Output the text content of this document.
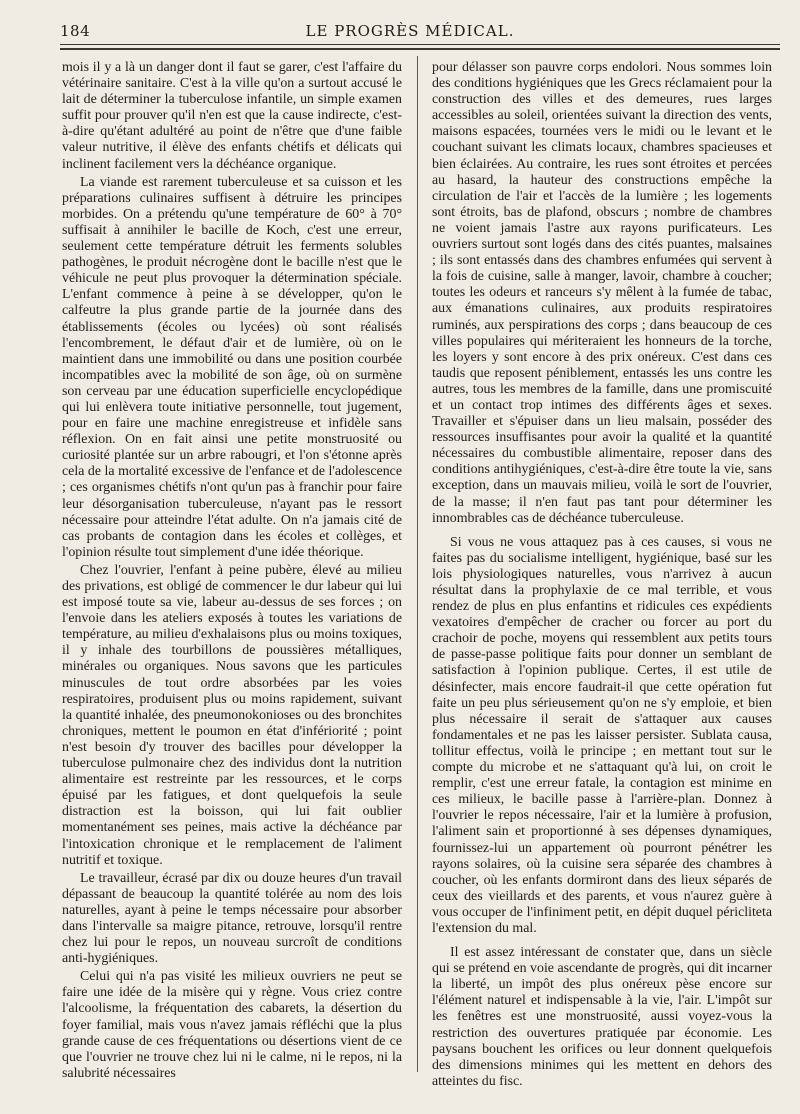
184	LE PROGRÈS MÉDICAL.

mois il y a là un danger dont il faut se garer, c'est l'affaire du vétérinaire sanitaire. C'est à la ville qu'on a surtout accusé le lait de déterminer la tuberculose infantile, un simple examen suffit pour prouver qu'il n'en est que la cause indirecte, c'est-à-dire qu'étant adultéré au point de n'être que d'une faible valeur nutritive, il élève des enfants chétifs et délicats qui inclinent facilement vers la déchéance organique.

La viande est rarement tuberculeuse et sa cuisson et les préparations culinaires suffisent à détruire les principes morbides. On a prétendu qu'une température de 60° à 70° suffisait à annihiler le bacille de Koch, c'est une erreur, seulement cette température détruit les ferments solubles pathogènes, le produit nécrogène dont le bacille n'est que le véhicule ne peut plus provoquer la détermination spéciale. L'enfant commence à peine à se développer, qu'on le calfeutre la plus grande partie de la journée dans des établissements (écoles ou lycées) où sont réalisés l'encombrement, le défaut d'air et de lumière, où on le maintient dans une immobilité ou dans une position courbée incompatibles avec la mobilité de son âge, où on surmène son cerveau par une éducation superficielle encyclopédique qui lui enlèvera toute initiative personnelle, tout jugement, pour en faire une machine enregistreuse et infidèle sans réflexion. On en fait ainsi une petite monstruosité ou curiosité plantée sur un arbre rabougri, et l'on s'étonne après cela de la mortalité excessive de l'enfance et de l'adolescence ; ces organismes chétifs n'ont qu'un pas à franchir pour faire leur désorganisation tuberculeuse, n'ayant pas le ressort nécessaire pour atteindre l'état adulte. On n'a jamais cité de cas probants de contagion dans les écoles et collèges, et l'opinion résulte tout simplement d'une idée théorique.

Chez l'ouvrier, l'enfant à peine pubère, élevé au milieu des privations, est obligé de commencer le dur labeur qui lui est imposé toute sa vie, labeur au-dessus de ses forces ; on l'envoie dans les ateliers exposés à toutes les variations de température, au milieu d'exhalaisons plus ou moins toxiques, il y inhale des tourbillons de poussières métalliques, minérales ou organiques. Nous savons que les particules minuscules de tout ordre absorbées par les voies respiratoires, produisent plus ou moins rapidement, suivant la quantité inhalée, des pneumonokonioses ou des bronchites chroniques, mettent le poumon en état d'infériorité ; point n'est besoin d'y trouver des bacilles pour développer la tuberculose pulmonaire chez des individus dont la nutrition alimentaire est restreinte par les ressources, et le corps épuisé par les fatigues, et dont quelquefois la seule distraction est la boisson, qui lui fait oublier momentanément ses peines, mais active la déchéance par l'intoxication chronique et le remplacement de l'aliment nutritif et toxique.

Le travailleur, écrasé par dix ou douze heures d'un travail dépassant de beaucoup la quantité tolérée au nom des lois naturelles, ayant à peine le temps nécessaire pour absorber dans l'intervalle sa maigre pitance, retrouve, lorsqu'il rentre chez lui pour le repos, un nouveau surcroît de conditions anti-hygiéniques.

Celui qui n'a pas visité les milieux ouvriers ne peut se faire une idée de la misère qui y règne. Vous criez contre l'alcoolisme, la fréquentation des cabarets, la désertion du foyer familial, mais vous n'avez jamais réfléchi que la plus grande cause de ces fréquentations ou désertions vient de ce que l'ouvrier ne trouve chez lui ni le calme, ni le repos, ni la salubrité nécessaires

pour délasser son pauvre corps endolori. Nous sommes loin des conditions hygiéniques que les Grecs réclamaient pour la construction des villes et des demeures, rues larges accessibles au soleil, orientées suivant la direction des vents, maisons espacées, tournées vers le midi ou le levant et le couchant suivant les climats locaux, chambres spacieuses et bien éclairées. Au contraire, les rues sont étroites et percées au hasard, la hauteur des constructions empêche la circulation de l'air et l'accès de la lumière ; les logements sont étroits, bas de plafond, obscurs ; nombre de chambres ne voient jamais l'astre aux rayons purificateurs. Les ouvriers surtout sont logés dans des cités puantes, malsaines ; ils sont entassés dans des chambres enfumées qui servent à la fois de cuisine, salle à manger, lavoir, chambre à coucher; toutes les odeurs et ranceurs s'y mêlent à la fumée de tabac, aux émanations culinaires, aux produits respiratoires ruminés, aux perspirations des corps ; dans beaucoup de ces villes populaires qui mériteraient les honneurs de la torche, les loyers y sont encore à des prix onéreux. C'est dans ces taudis que reposent péniblement, entassés les uns contre les autres, tous les membres de la famille, dans une promiscuité et un contact trop intimes des différents âges et sexes. Travailler et s'épuiser dans un lieu malsain, posséder des ressources insuffisantes pour avoir la qualité et la quantité nécessaires du combustible alimentaire, reposer dans des conditions antihygiéniques, c'est-à-dire être toute la vie, sans exception, dans un mauvais milieu, voilà le sort de l'ouvrier, de la masse; il n'en faut pas tant pour déterminer les innombrables cas de déchéance tuberculeuse.

Si vous ne vous attaquez pas à ces causes, si vous ne faites pas du socialisme intelligent, hygiénique, basé sur les lois physiologiques naturelles, vous n'arrivez à aucun résultat dans la prophylaxie de ce mal terrible, et vous rendez de plus en plus enfantins et ridicules ces expédients vexatoires d'empêcher de cracher ou forcer au port du crachoir de poche, moyens qui ressemblent aux petits tours de passe-passe politique faits pour donner un semblant de satisfaction à l'opinion publique. Certes, il est utile de désinfecter, mais encore faudrait-il que cette opération fut faite un peu plus sérieusement qu'on ne s'y emploie, et bien plus nécessaire il serait de s'attaquer aux causes fondamentales et ne pas les laisser persister. Sublata causa, tollitur effectus, voilà le principe ; en mettant tout sur le compte du microbe et ne s'attaquant qu'à lui, on croit le remplir, c'est une erreur fatale, la contagion est minime en ces milieux, le bacille passe à l'arrière-plan. Donnez à l'ouvrier le repos nécessaire, l'air et la lumière à profusion, l'aliment sain et proportionné à ses dépenses dynamiques, fournissez-lui un appartement où pourront pénétrer les rayons solaires, où la cuisine sera séparée des chambres à coucher, où les enfants dormiront dans des lieux séparés de ceux des vieillards et des parents, et vous n'aurez guère à vous occuper de l'infiniment petit, en dépit duquel péricliteta l'extension du mal.

Il est assez intéressant de constater que, dans un siècle qui se prétend en voie ascendante de progrès, qui dit incarner la liberté, un impôt des plus onéreux pèse encore sur l'élément naturel et indispensable à la vie, l'air. L'impôt sur les fenêtres est une monstruosité, aussi voyez-vous la restriction des ouvertures pratiquée par économie. Les paysans bouchent les orifices ou leur donnent quelquefois des dimensions minimes qui les mettent en dehors des atteintes du fisc.
